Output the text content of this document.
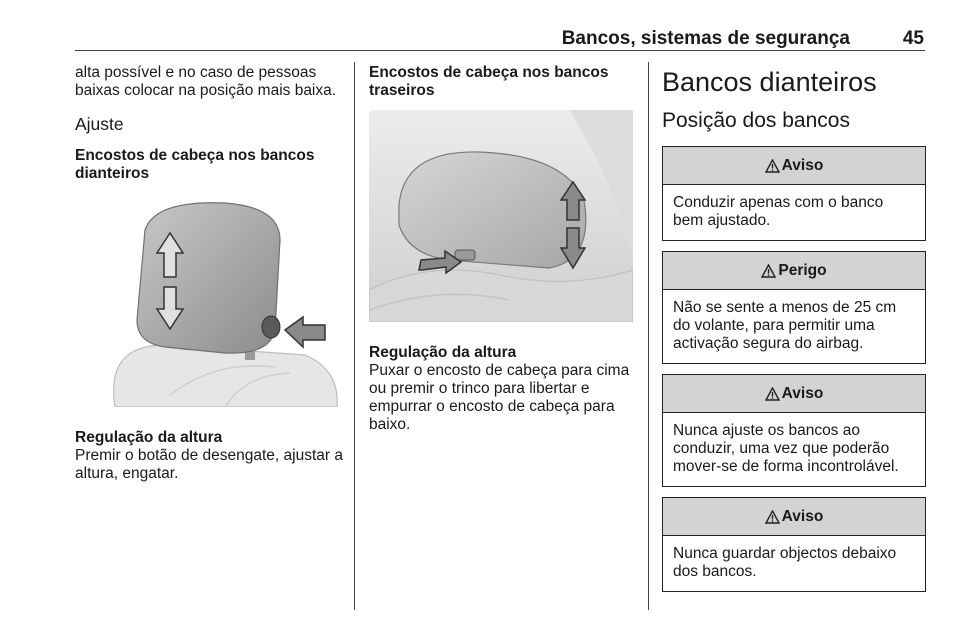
Bancos, sistemas de segurança	45

alta possível e no caso de pessoas baixas colocar na posição mais baixa.

Ajuste

Encostos de cabeça nos bancos dianteiros

Regulação da altura

Premir o botão de desengate, ajustar a altura, engatar.

Encostos de cabeça nos bancos traseiros

Regulação da altura

Puxar o encosto de cabeça para cima ou premir o trinco para libertar e empurrar o encosto de cabeça para baixo.

Bancos dianteiros

Posição dos bancos

Aviso
Conduzir apenas com o banco bem ajustado.
Perigo
Não se sente a menos de 25 cm do volante, para permitir uma activação segura do airbag.
Aviso
Nunca ajuste os bancos ao conduzir, uma vez que poderão mover-se de forma incontrolável.
Aviso
Nunca guardar objectos debaixo dos bancos.
